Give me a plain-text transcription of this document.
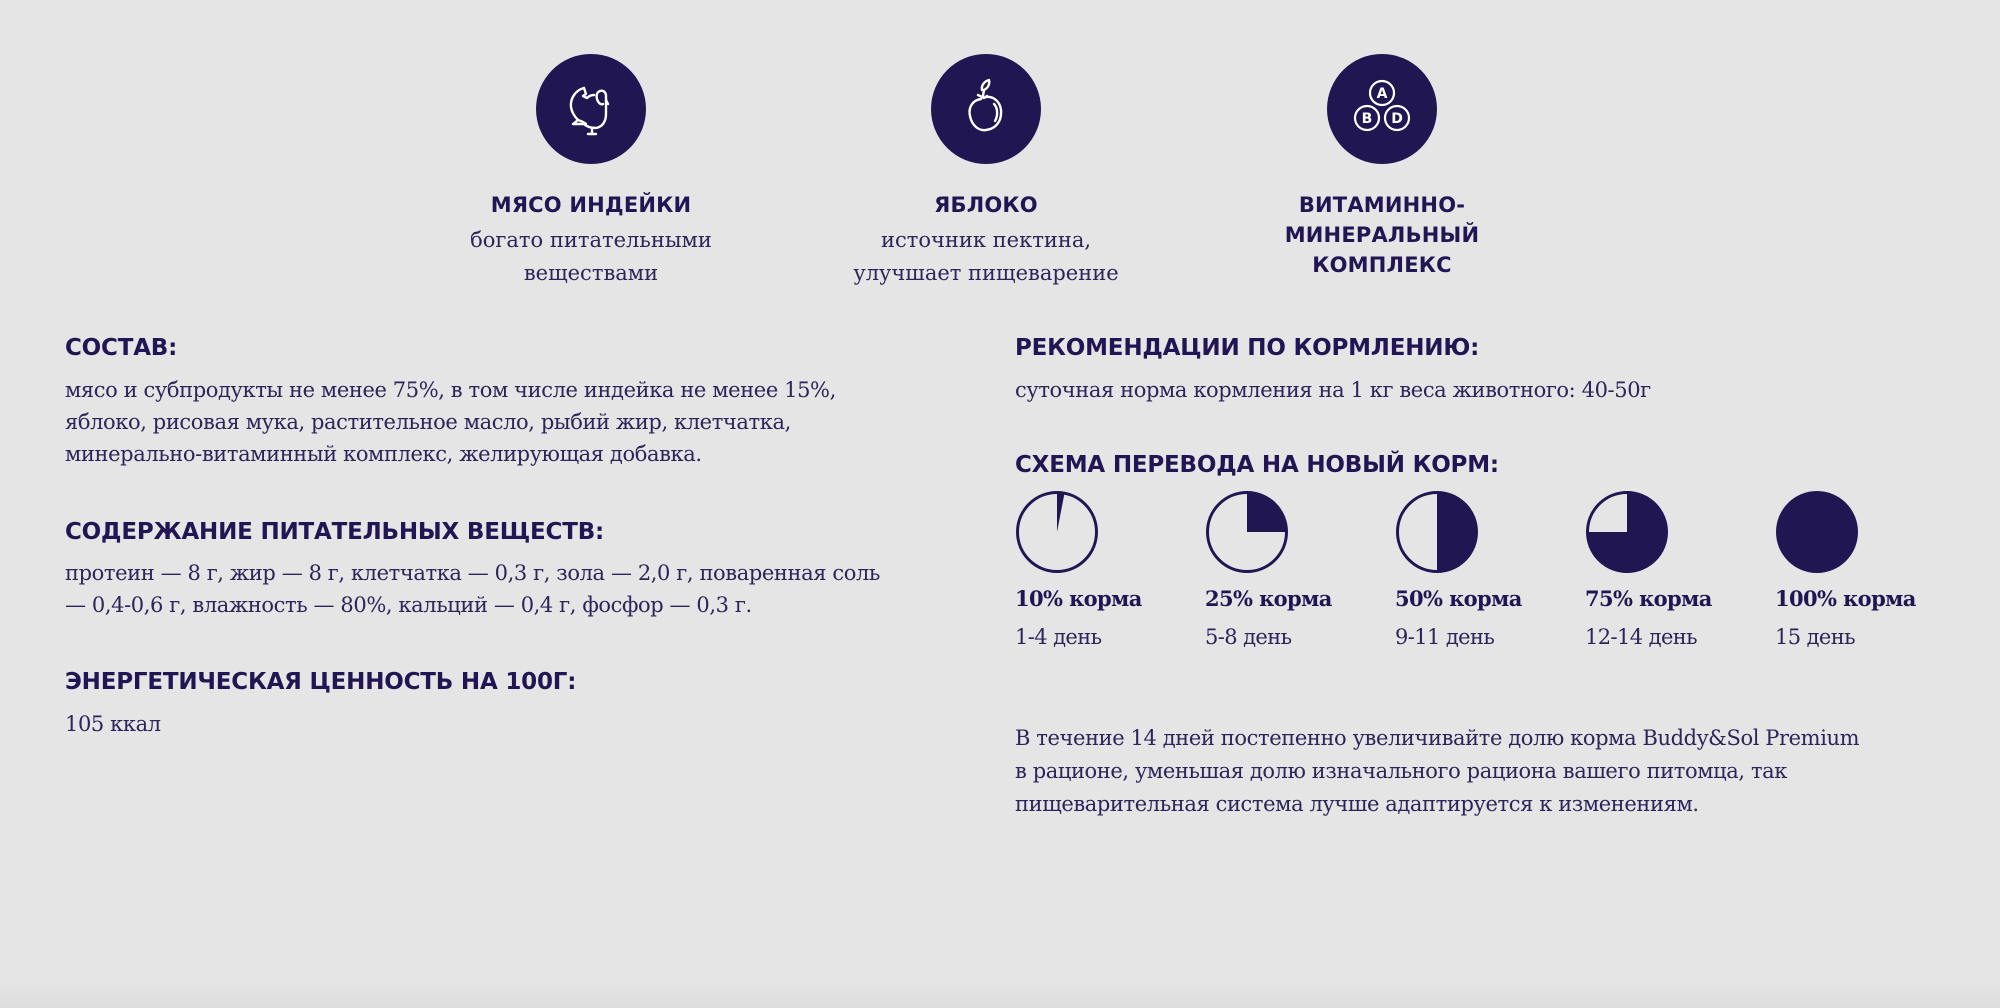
МЯСО ИНДЕЙКИ
богато питательными
веществами
ЯБЛОКО
источник пектина,
улучшает пищеварение
A
B D
ВИТАМИННО-
МИНЕРАЛЬНЫЙ
КОМПЛЕКС
СОСТАВ:
мясо и субпродукты не менее 75%, в том числе индейка не менее 15%,
яблоко, рисовая мука, растительное масло, рыбий жир, клетчатка,
минерально-витаминный комплекс, желирующая добавка.
СОДЕРЖАНИЕ ПИТАТЕЛЬНЫХ ВЕЩЕСТВ:
протеин — 8 г, жир — 8 г, клетчатка — 0,3 г, зола — 2,0 г, поваренная соль
— 0,4-0,6 г, влажность — 80%, кальций — 0,4 г, фосфор — 0,3 г.
ЭНЕРГЕТИЧЕСКАЯ ЦЕННОСТЬ НА 100Г:
105 ккал
РЕКОМЕНДАЦИИ ПО КОРМЛЕНИЮ:
суточная норма кормления на 1 кг веса животного: 40-50г
СХЕМА ПЕРЕВОДА НА НОВЫЙ КОРМ:
10% корма
1-4 день
25% корма
5-8 день
50% корма
9-11 день
75% корма
12-14 день
100% корма
15 день
В течение 14 дней постепенно увеличивайте долю корма Buddy&Sol Premium
в рационе, уменьшая долю изначального рациона вашего питомца, так
пищеварительная система лучше адаптируется к изменениям.
